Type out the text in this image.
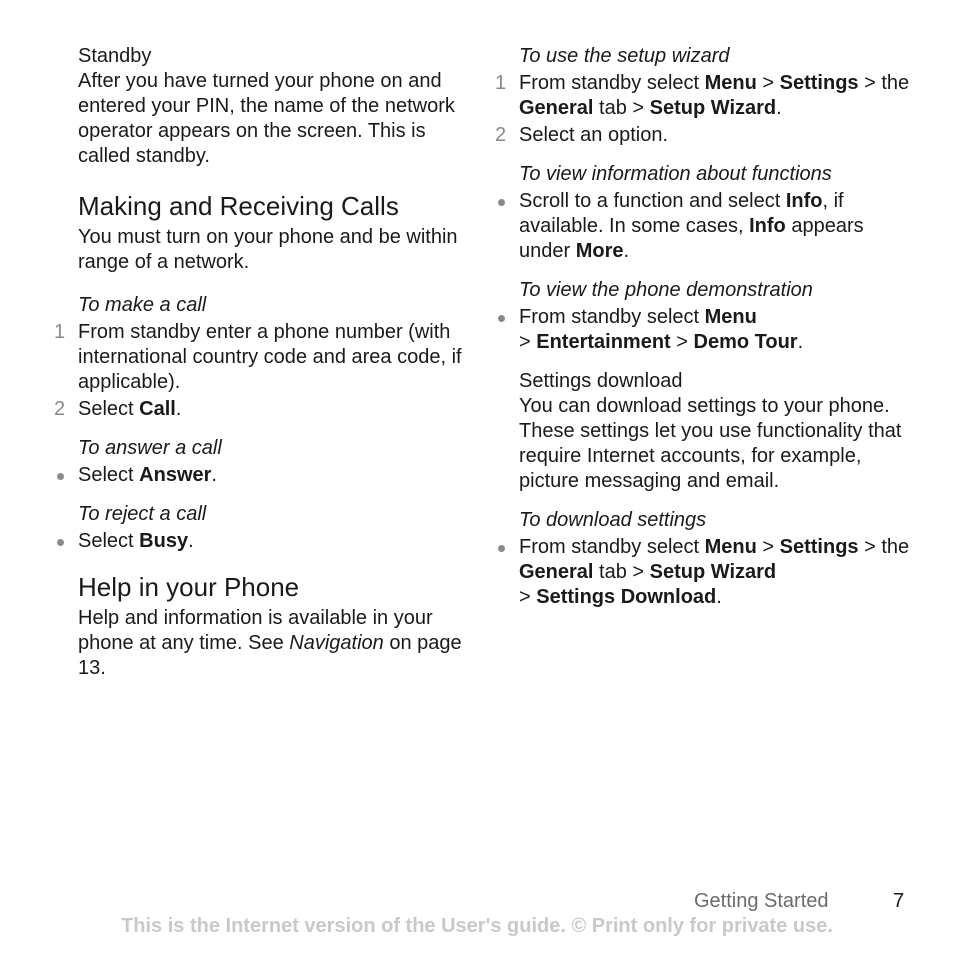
Standby

After you have turned your phone on and entered your PIN, the name of the network operator appears on the screen. This is called standby.

Making and Receiving Calls

You must turn on your phone and be within range of a network.

To make a call

1 From standby enter a phone number (with international country code and area code, if applicable).
2 Select Call.

To answer a call

Select Answer.

To reject a call

Select Busy.

Help in your Phone

Help and information is available in your phone at any time. See Navigation on page 13.

To use the setup wizard

1 From standby select Menu > Settings > the General tab > Setup Wizard.
2 Select an option.

To view information about functions

Scroll to a function and select Info, if available. In some cases, Info appears under More.

To view the phone demonstration

From standby select Menu
> Entertainment > Demo Tour.

Settings download

You can download settings to your phone. These settings let you use functionality that require Internet accounts, for example, picture messaging and email.

To download settings

From standby select Menu > Settings > the General tab > Setup Wizard
> Settings Download.
Getting Started	7
This is the Internet version of the User's guide. © Print only for private use.
